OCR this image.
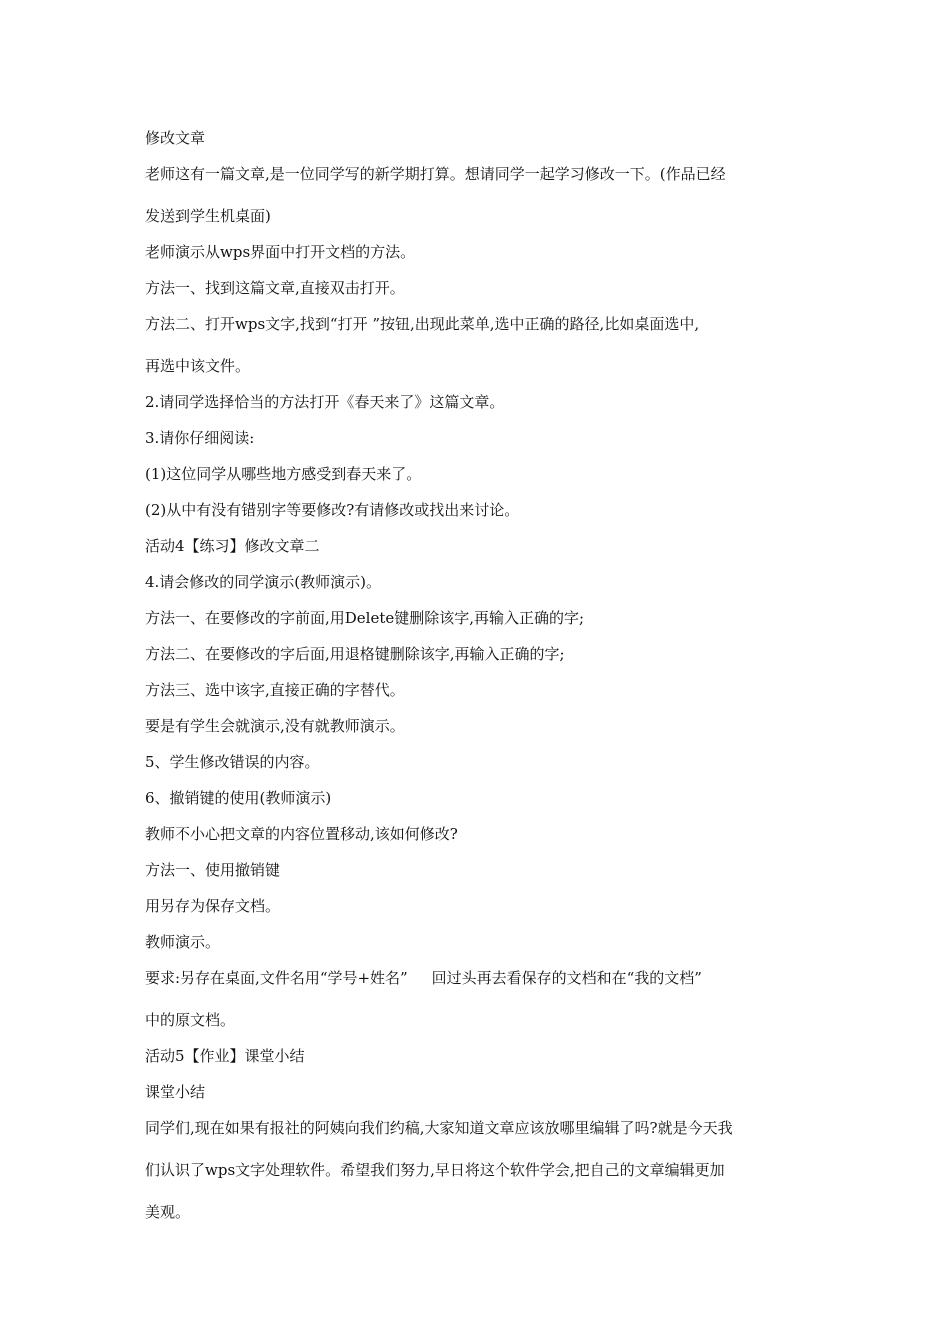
修改文章
老师这有一篇文章,是一位同学写的新学期打算。想请同学一起学习修改一下。(作品已经
发送到学生机桌面)
老师演示从wps界面中打开文档的方法。
方法一、找到这篇文章,直接双击打开。
方法二、打开wps文字,找到“打开 ”按钮,出现此菜单,选中正确的路径,比如桌面选中,
再选中该文件。
2.请同学选择恰当的方法打开《春天来了》这篇文章。
3.请你仔细阅读:
(1)这位同学从哪些地方感受到春天来了。
(2)从中有没有错别字等要修改?有请修改或找出来讨论。
活动4【练习】修改文章二
4.请会修改的同学演示(教师演示)。
方法一、在要修改的字前面,用Delete键删除该字,再输入正确的字;
方法二、在要修改的字后面,用退格键删除该字,再输入正确的字;
方法三、选中该字,直接正确的字替代。
要是有学生会就演示,没有就教师演示。
5、学生修改错误的内容。
6、撤销键的使用(教师演示)
教师不小心把文章的内容位置移动,该如何修改?
方法一、使用撤销键
用另存为保存文档。
教师演示。
要求:另存在桌面,文件名用“学号+姓名”     回过头再去看保存的文档和在“我的文档”
中的原文档。
活动5【作业】课堂小结
课堂小结
同学们,现在如果有报社的阿姨向我们约稿,大家知道文章应该放哪里编辑了吗?就是今天我
们认识了wps文字处理软件。希望我们努力,早日将这个软件学会,把自己的文章编辑更加
美观。
